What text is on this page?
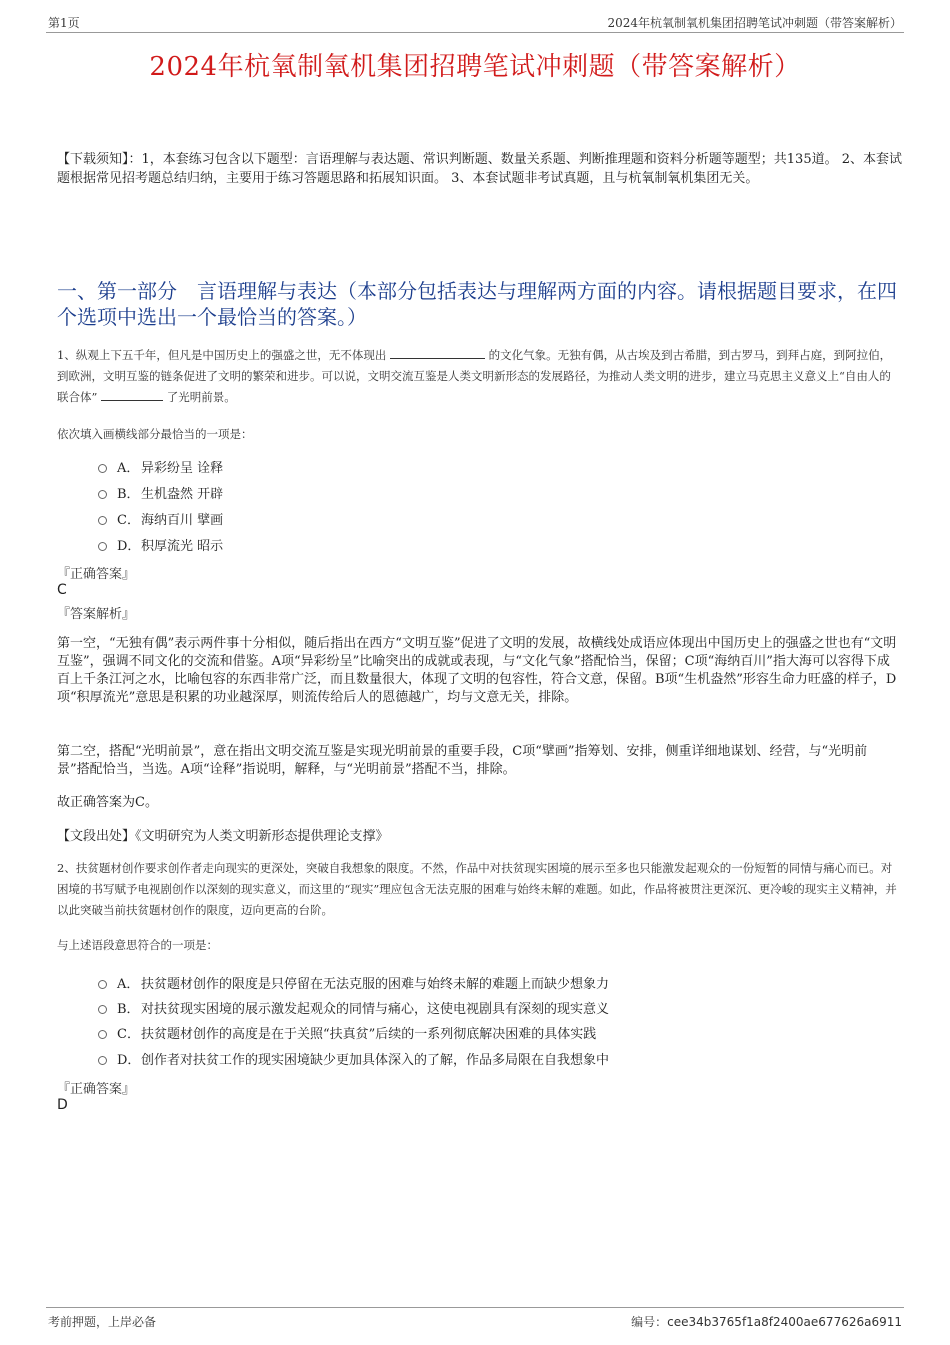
第1页	2024年杭氧制氧机集团招聘笔试冲刺题（带答案解析）
2024年杭氧制氧机集团招聘笔试冲刺题（带答案解析）
【下载须知】：1，本套练习包含以下题型：言语理解与表达题、常识判断题、数量关系题、判断推理题和资料分析题等题型；共135道。 2、本套试题根据常见招考题总结归纳，主要用于练习答题思路和拓展知识面。 3、本套试题非考试真题，且与杭氧制氧机集团无关。
一、第一部分　言语理解与表达（本部分包括表达与理解两方面的内容。请根据题目要求，在四个选项中选出一个最恰当的答案。）
1、纵观上下五千年，但凡是中国历史上的强盛之世，无不体现出	的文化气象。无独有偶，从古埃及到古希腊，到古罗马，到拜占庭，到阿拉伯，到欧洲，文明互鉴的链条促进了文明的繁荣和进步。可以说，文明交流互鉴是人类文明新形态的发展路径，为推动人类文明的进步，建立马克思主义意义上“自由人的联合体”	了光明前景。
依次填入画横线部分最恰当的一项是：
A． 异彩纷呈 诠释
B．生机盎然 开辟
C．海纳百川 擘画
D．积厚流光 昭示
『正确答案』
C
『答案解析』
第一空，“无独有偶”表示两件事十分相似，随后指出在西方“文明互鉴”促进了文明的发展，故横线处成语应体现出中国历史上的强盛之世也有“文明互鉴”，强调不同文化的交流和借鉴。A项“异彩纷呈”比喻突出的成就或表现，与“文化气象”搭配恰当，保留；C项“海纳百川”指大海可以容得下成百上千条江河之水，比喻包容的东西非常广泛，而且数量很大，体现了文明的包容性，符合文意，保留。B项“生机盎然”形容生命力旺盛的样子，D项“积厚流光”意思是积累的功业越深厚，则流传给后人的恩德越广，均与文意无关，排除。
第二空，搭配“光明前景”，意在指出文明交流互鉴是实现光明前景的重要手段，C项“擘画”指筹划、安排，侧重详细地谋划、经营，与“光明前景”搭配恰当，当选。A项“诠释”指说明，解释，与“光明前景”搭配不当，排除。
故正确答案为C。
【文段出处】《文明研究为人类文明新形态提供理论支撑》
2、扶贫题材创作要求创作者走向现实的更深处，突破自我想象的限度。不然，作品中对扶贫现实困境的展示至多也只能激发起观众的一份短暂的同情与痛心而已。对困境的书写赋予电视剧创作以深刻的现实意义，而这里的“现实”理应包含无法克服的困难与始终未解的难题。如此，作品将被贯注更深沉、更冷峻的现实主义精神，并以此突破当前扶贫题材创作的限度，迈向更高的台阶。
与上述语段意思符合的一项是：
A． 扶贫题材创作的限度是只停留在无法克服的困难与始终未解的难题上而缺少想象力
B．对扶贫现实困境的展示激发起观众的同情与痛心，这使电视剧具有深刻的现实意义
C．扶贫题材创作的高度是在于关照“扶真贫”后续的一系列彻底解决困难的具体实践
D．创作者对扶贫工作的现实困境缺少更加具体深入的了解，作品多局限在自我想象中
『正确答案』
D
考前押题，上岸必备	编号：cee34b3765f1a8f2400ae677626a6911
